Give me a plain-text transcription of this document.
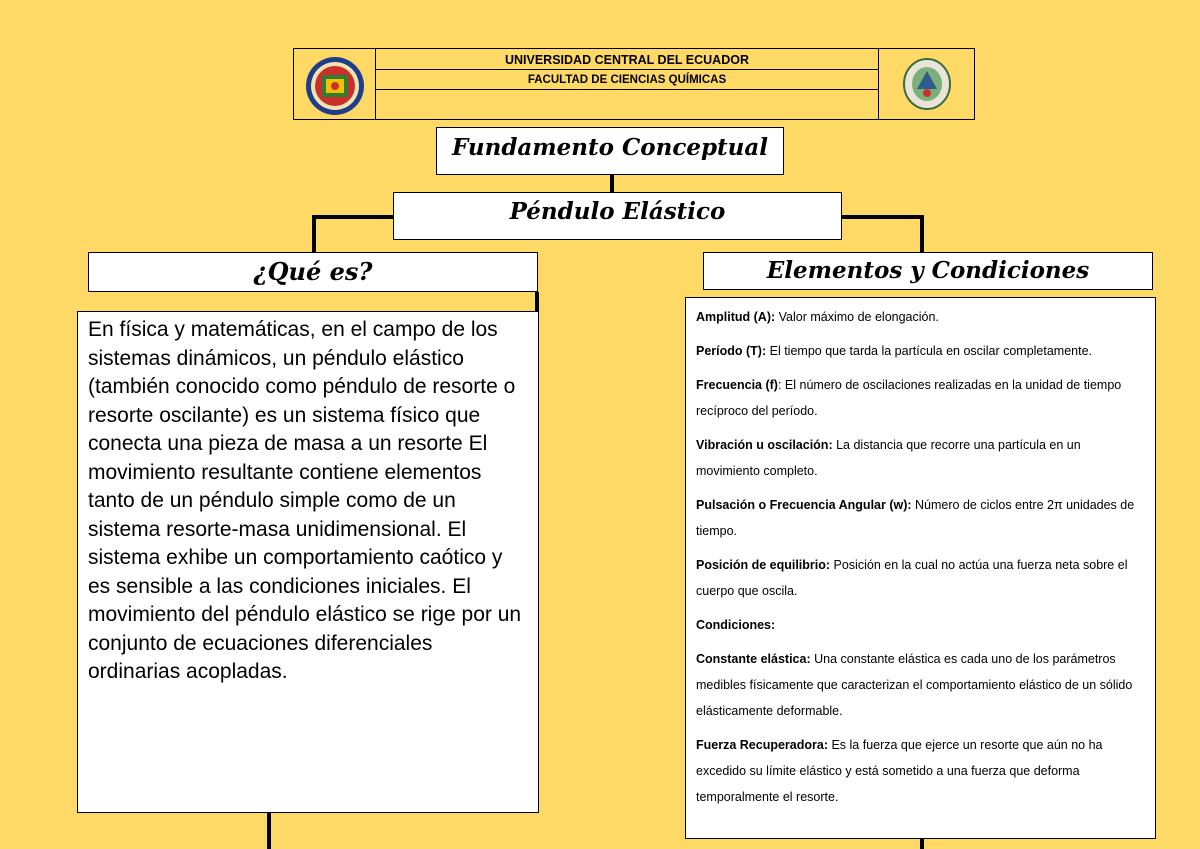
UNIVERSIDAD CENTRAL DEL ECUADOR
FACULTAD DE CIENCIAS QUÍMICAS
Fundamento Conceptual
Péndulo Elástico
¿Qué es?	Elementos y Condiciones
En física y matemáticas, en el campo de los sistemas dinámicos, un péndulo elástico (también conocido como péndulo de resorte o resorte oscilante) es un sistema físico que conecta una pieza de masa a un resorte El movimiento resultante contiene elementos tanto de un péndulo simple como de un sistema resorte-masa unidimensional. El sistema exhibe un comportamiento caótico y es sensible a las condiciones iniciales. El movimiento del péndulo elástico se rige por un conjunto de ecuaciones diferenciales ordinarias acopladas.
Amplitud (A): Valor máximo de elongación.
Período (T): El tiempo que tarda la partícula en oscilar completamente.
Frecuencia (f): El número de oscilaciones realizadas en la unidad de tiempo recíproco del período.
Vibración u oscilación: La distancia que recorre una partícula en un movimiento completo.
Pulsación o Frecuencia Angular (w): Número de ciclos entre 2π unidades de tiempo.
Posición de equilibrio: Posición en la cual no actúa una fuerza neta sobre el cuerpo que oscila.
Condiciones:
Constante elástica: Una constante elástica es cada uno de los parámetros medibles físicamente que caracterizan el comportamiento elástico de un sólido elásticamente deformable.
Fuerza Recuperadora: Es la fuerza que ejerce un resorte que aún no ha excedido su límite elástico y está sometido a una fuerza que deforma temporalmente el resorte.
